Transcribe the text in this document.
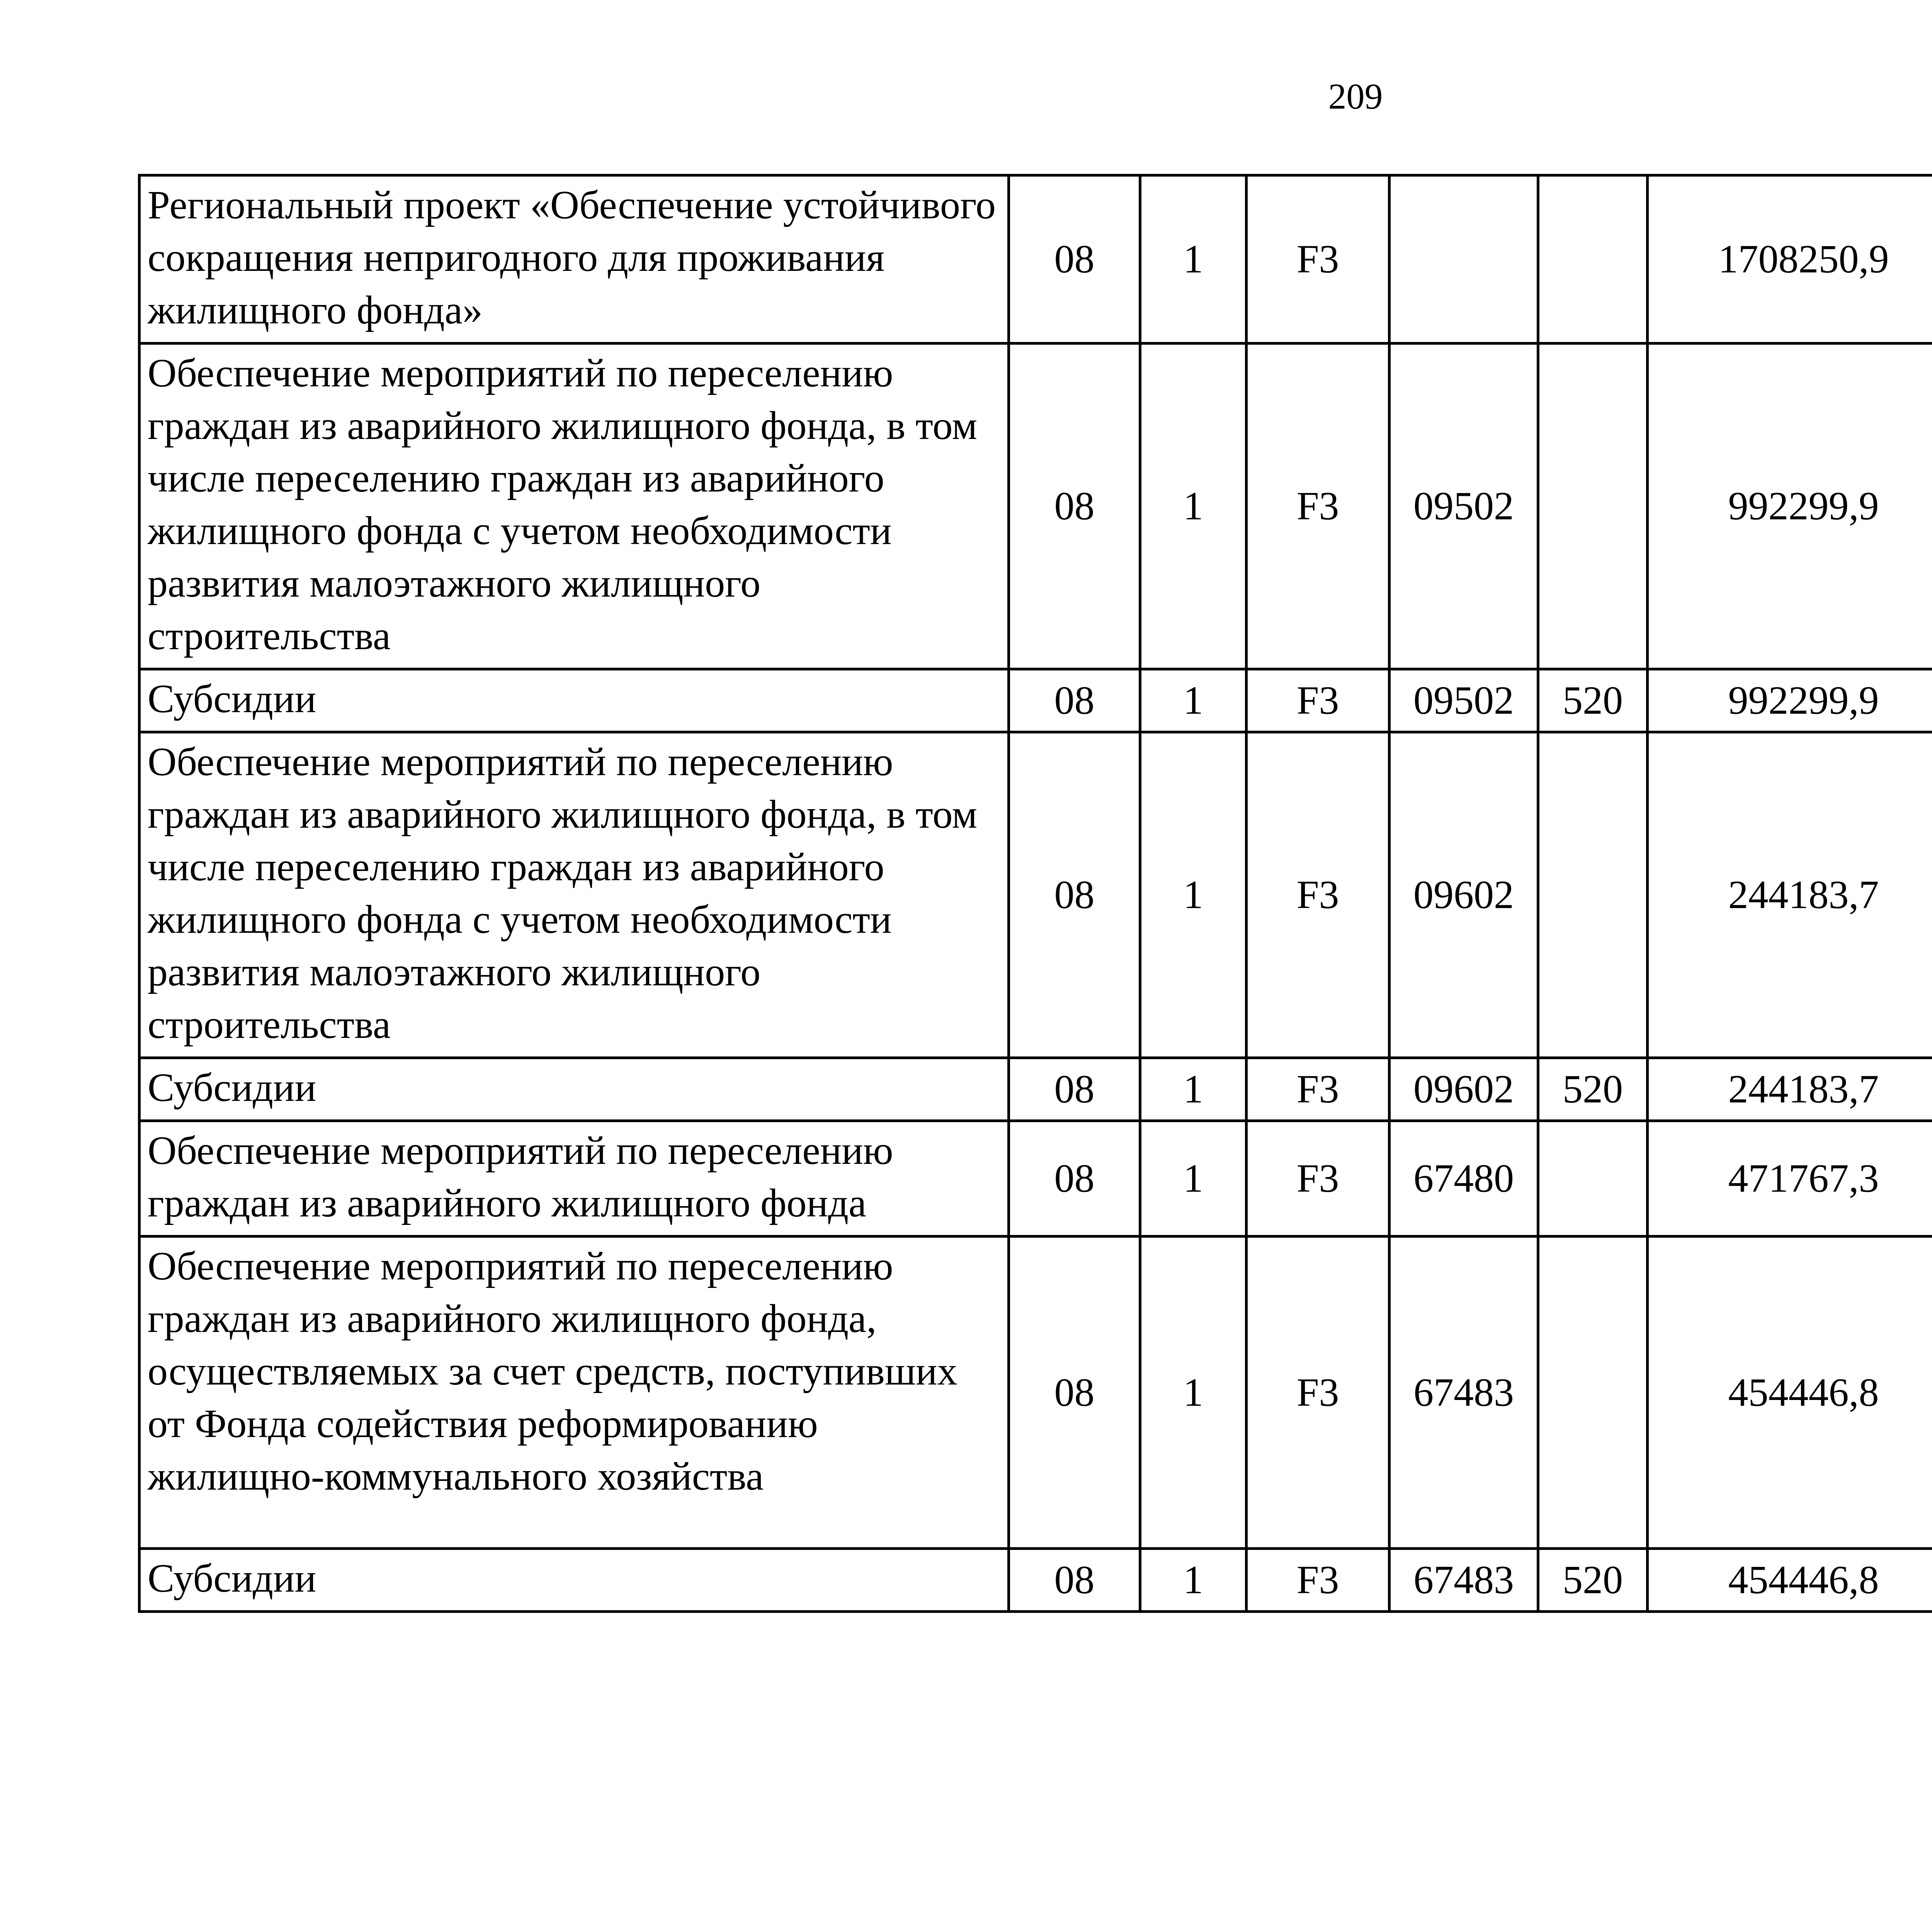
209
Региональный проект «Обеспечение устойчивого сокращения непригодного для проживания жилищного фонда»	08	1	F3			1708250,9		
Обеспечение мероприятий по переселению граждан из аварийного жилищного фонда, в том числе переселению граждан из аварийного жилищного фонда с учетом необходимости развития малоэтажного жилищного строительства	08	1	F3	09502		992299,9		
Субсидии	08	1	F3	09502	520	992299,9		
Обеспечение мероприятий по переселению граждан из аварийного жилищного фонда, в том числе переселению граждан из аварийного жилищного фонда с учетом необходимости развития малоэтажного жилищного строительства	08	1	F3	09602		244183,7		
Субсидии	08	1	F3	09602	520	244183,7		
Обеспечение мероприятий по переселению граждан из аварийного жилищного фонда	08	1	F3	67480		471767,3		
Обеспечение мероприятий по переселению граждан из аварийного жилищного фонда, осуществляемых за счет средств, поступивших от Фонда содействия реформированию жилищно-коммунального хозяйства	08	1	F3	67483		454446,8		
Субсидии	08	1	F3	67483	520	454446,8		
